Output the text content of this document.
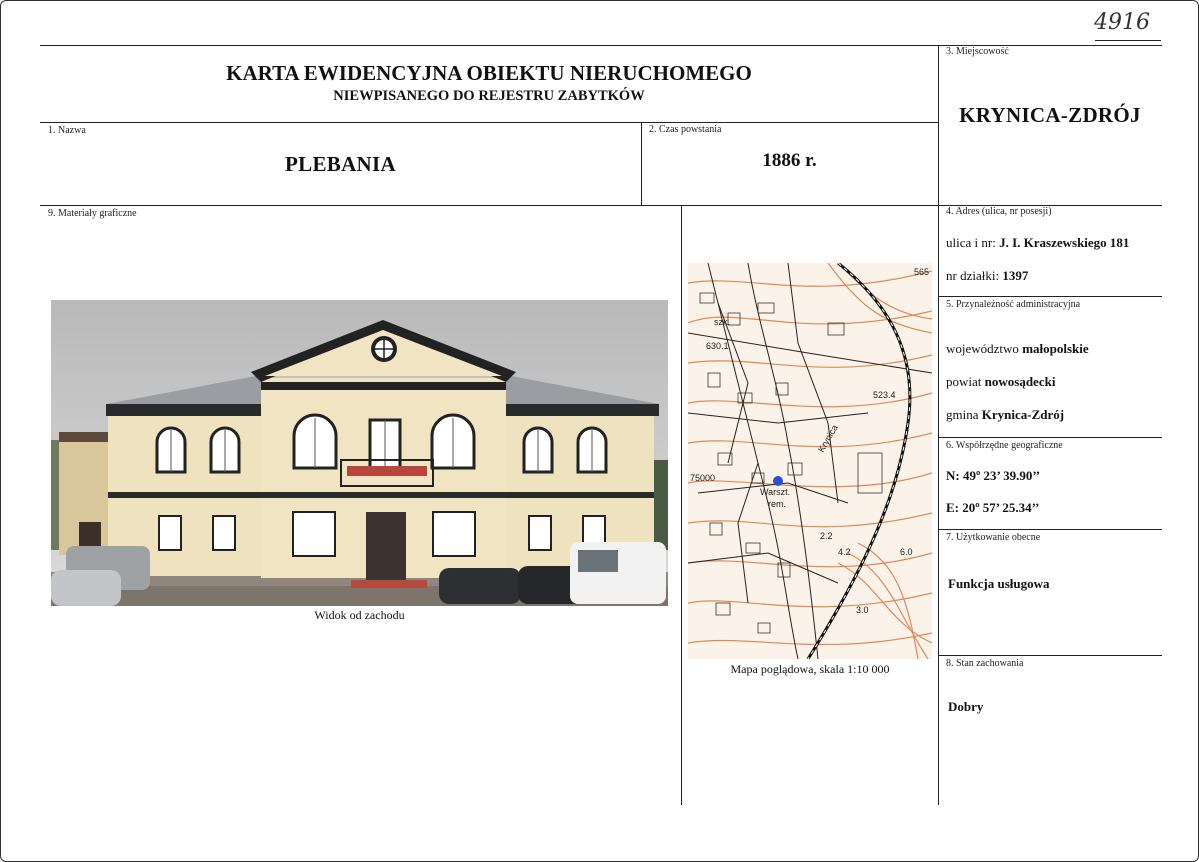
4916
KARTA EWIDENCYJNA OBIEKTU NIERUCHOMEGO
NIEWPISANEGO DO REJESTRU ZABYTKÓW
3. Miejscowość
KRYNICA-ZDRÓJ
1. Nazwa
PLEBANIA
2. Czas powstania
1886 r.
9. Materiały graficzne
Widok od zachodu
565
szk.
630.1
523.4
Krynica
Warszt.
rem.
2.2
3.0
4.2
75000
6.0
Mapa poglądowa, skala 1:10 000
4. Adres (ulica, nr posesji)
ulica i nr: J. I. Kraszewskiego 181
nr działki: 1397
5. Przynależność administracyjna
województwo małopolskie
powiat nowosądecki
gmina Krynica-Zdrój
6. Współrzędne geograficzne
N: 49º 23’ 39.90’’
E: 20º 57’ 25.34’’
7. Użytkowanie obecne
Funkcja usługowa
8. Stan zachowania
Dobry
